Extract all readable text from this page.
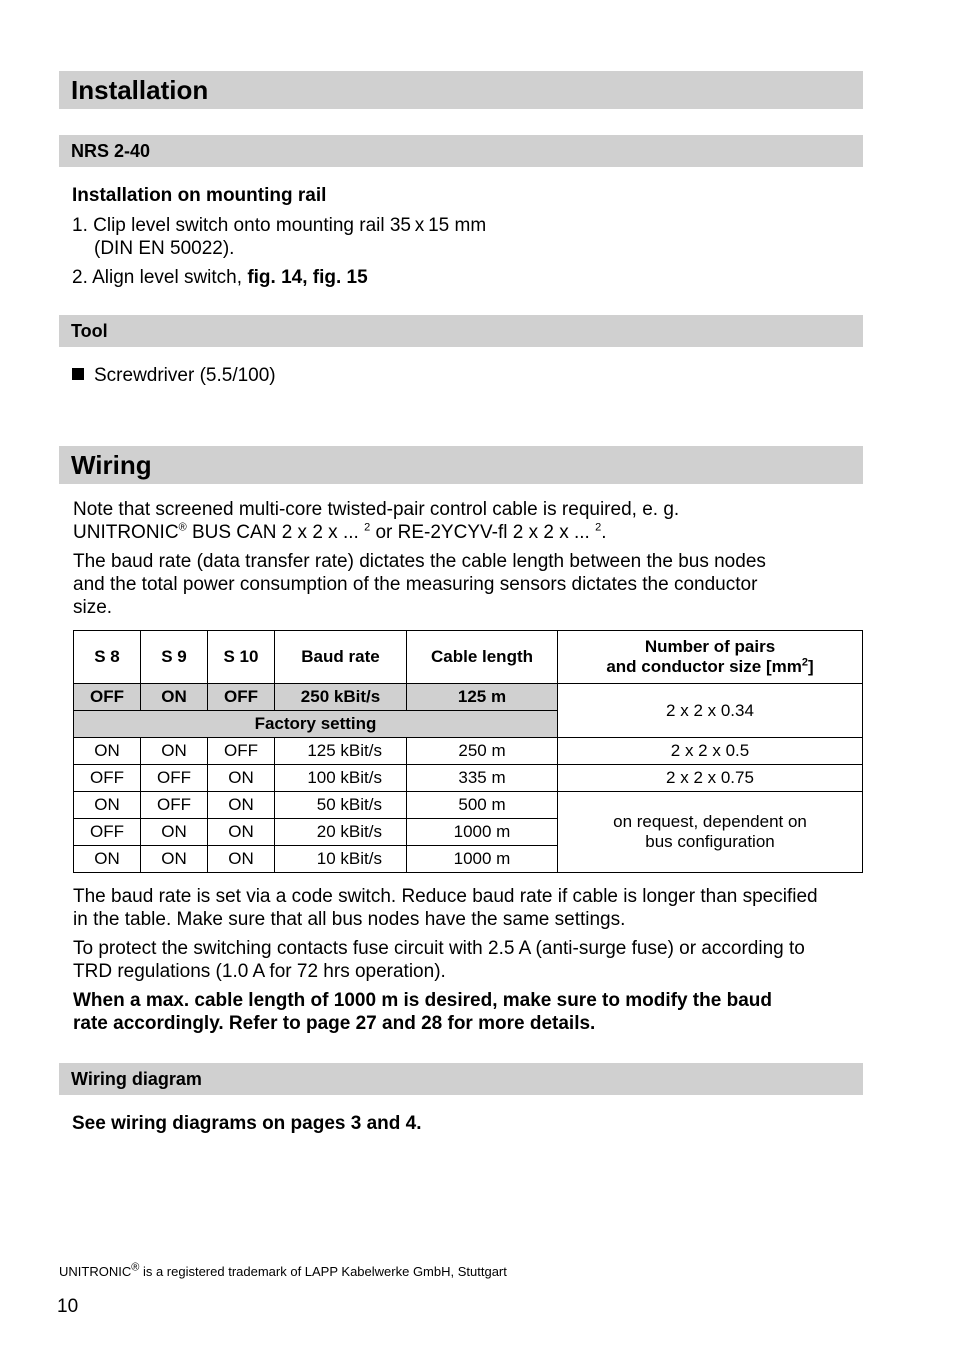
Installation
NRS 2-40
Installation on mounting rail
1. Clip level switch onto mounting rail 35 x 15 mm
(DIN EN 50022).
2. Align level switch, fig. 14, fig. 15
Tool
Screwdriver (5.5/100)
Wiring
Note that screened multi-core twisted-pair control cable is required, e. g.
UNITRONIC® BUS CAN 2 x 2 x ... $^2$ or RE-2YCYV-fl 2 x 2 x ... $^2$.
The baud rate (data transfer rate) dictates the cable length between the bus nodes
and the total power consumption of the measuring sensors dictates the conductor
size.
S 8	S 9	S 10	Baud rate	Cable length	Number of pairs
and conductor size $[mm^2]$

OFF	ON	OFF	250 kBit/s	125 m	2 x 2 x 0.34
Factory setting					
ON	ON	OFF	125 kBit/s	250 m	2 x 2 x 0.5
OFF	OFF	ON	100 kBit/s	335 m	2 x 2 x 0.75
ON	OFF	ON	50 kBit/s	500 m	on request, dependent on
bus configuration

OFF	ON	ON	20 kBit/s	1000 m	
ON	ON	ON	10 kBit/s	1000 m	
The baud rate is set via a code switch. Reduce baud rate if cable is longer than specified
in the table. Make sure that all bus nodes have the same settings.
To protect the switching contacts fuse circuit with 2.5 A (anti-surge fuse) or according to
TRD regulations (1.0 A for 72 hrs operation).
When a max. cable length of 1000 m is desired, make sure to modify the baud
rate accordingly. Refer to page 27 and 28 for more details.
Wiring diagram
See wiring diagrams on pages 3 and 4.
UNITRONIC® is a registered trademark of LAPP Kabelwerke GmbH, Stuttgart
10
